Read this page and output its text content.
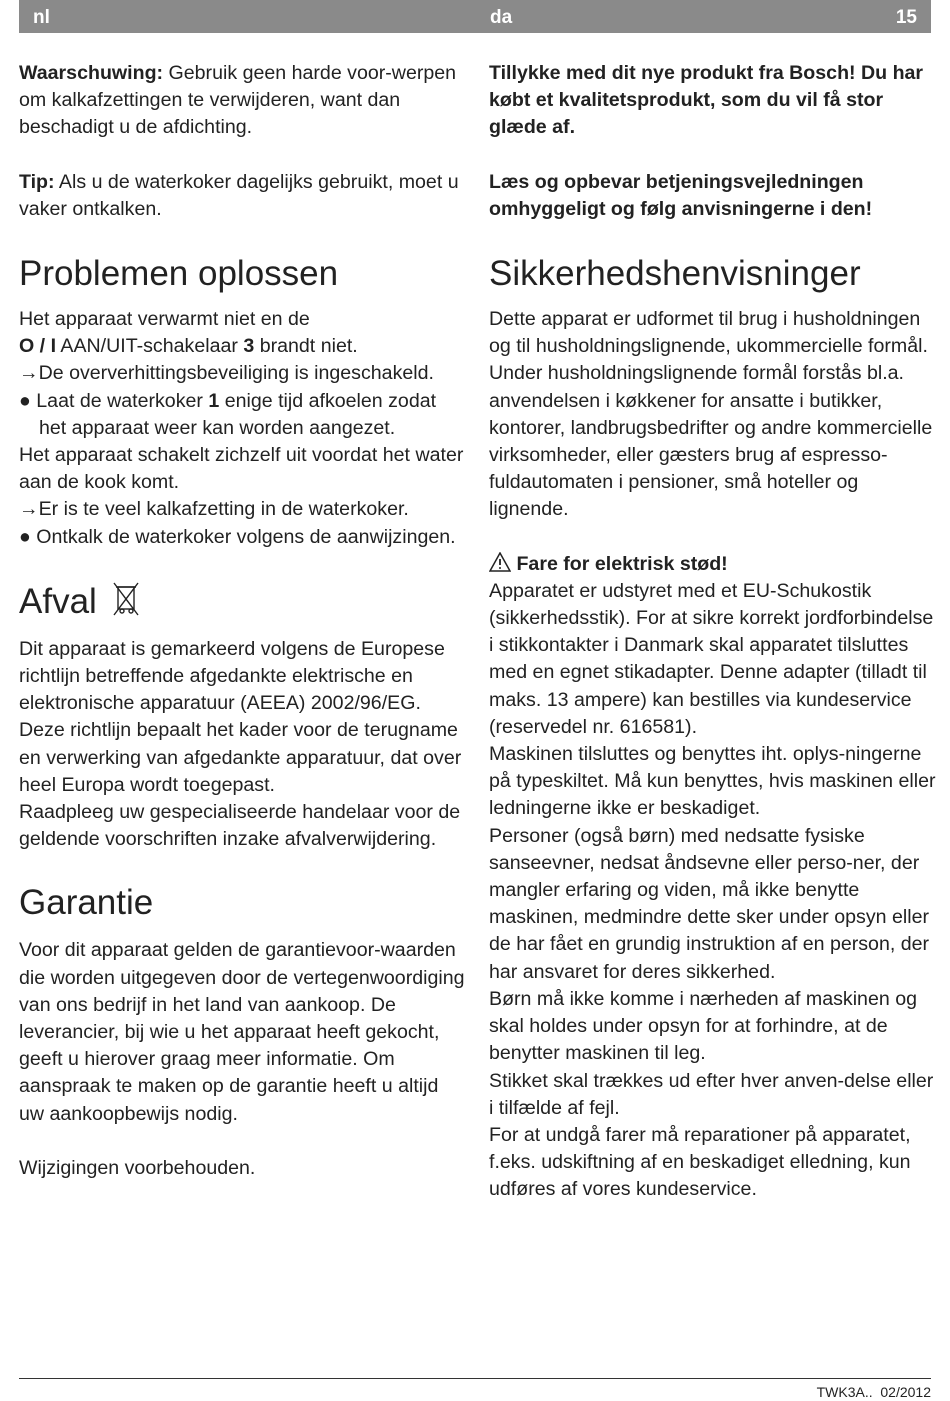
nl	da	15

Waarschuwing: Gebruik geen harde voor-werpen om kalkafzettingen te verwijderen, want dan beschadigt u de afdichting.

Tip: Als u de waterkoker dagelijks gebruikt, moet u vaker ontkalken.

Problemen oplossen

Het apparaat verwarmt niet en de
O / I AAN/UIT-schakelaar 3 brandt niet.

→De oververhittingsbeveiliging is ingeschakeld.

● Laat de waterkoker 1 enige tijd afkoelen zodat het apparaat weer kan worden aangezet.

Het apparaat schakelt zichzelf uit voordat het water aan de kook komt.

→Er is te veel kalkafzetting in de waterkoker.

● Ontkalk de waterkoker volgens de aanwijzingen.

Afval

Dit apparaat is gemarkeerd volgens de Europese richtlijn betreffende afgedankte elektrische en elektronische apparatuur (AEEA) 2002/96/EG. Deze richtlijn bepaalt het kader voor de terugname en verwerking van afgedankte apparatuur, dat over heel Europa wordt toegepast.

Raadpleeg uw gespecialiseerde handelaar voor de geldende voorschriften inzake afvalverwijdering.

Garantie

Voor dit apparaat gelden de garantievoor-waarden die worden uitgegeven door de vertegenwoordiging van ons bedrijf in het land van aankoop. De leverancier, bij wie u het apparaat heeft gekocht, geeft u hierover graag meer informatie. Om aanspraak te maken op de garantie heeft u altijd uw aankoopbewijs nodig.

Wijzigingen voorbehouden.

Tillykke med dit nye produkt fra Bosch! Du har købt et kvalitetsprodukt, som du vil få stor glæde af.

Læs og opbevar betjeningsvejledningen omhyggeligt og følg anvisningerne i den!

Sikkerhedshenvisninger

Dette apparat er udformet til brug i husholdningen og til husholdningslignende, ukommercielle formål.

Under husholdningslignende formål forstås bl.a. anvendelsen i køkkener for ansatte i butikker, kontorer, landbrugsbedrifter og andre kommercielle virksomheder, eller gæsters brug af espresso-fuldautomaten i pensioner, små hoteller og lignende.

Fare for elektrisk stød!

Apparatet er udstyret med et EU-Schukostik (sikkerhedsstik). For at sikre korrekt jordforbindelse i stikkontakter i Danmark skal apparatet tilsluttes med en egnet stikadapter. Denne adapter (tilladt til maks. 13 ampere) kan bestilles via kundeservice (reservedel nr. 616581).

Maskinen tilsluttes og benyttes iht. oplys-ningerne på typeskiltet. Må kun benyttes, hvis maskinen eller ledningerne ikke er beskadiget.

Personer (også børn) med nedsatte fysiske sanseevner, nedsat åndsevne eller perso-ner, der mangler erfaring og viden, må ikke benytte maskinen, medmindre dette sker under opsyn eller de har fået en grundig instruktion af en person, der har ansvaret for deres sikkerhed.

Børn må ikke komme i nærheden af maskinen og skal holdes under opsyn for at forhindre, at de benytter maskinen til leg.

Stikket skal trækkes ud efter hver anven-delse eller i tilfælde af fejl.

For at undgå farer må reparationer på apparatet, f.eks. udskiftning af en beskadiget elledning, kun udføres af vores kundeservice.

TWK3A.. 02/2012
